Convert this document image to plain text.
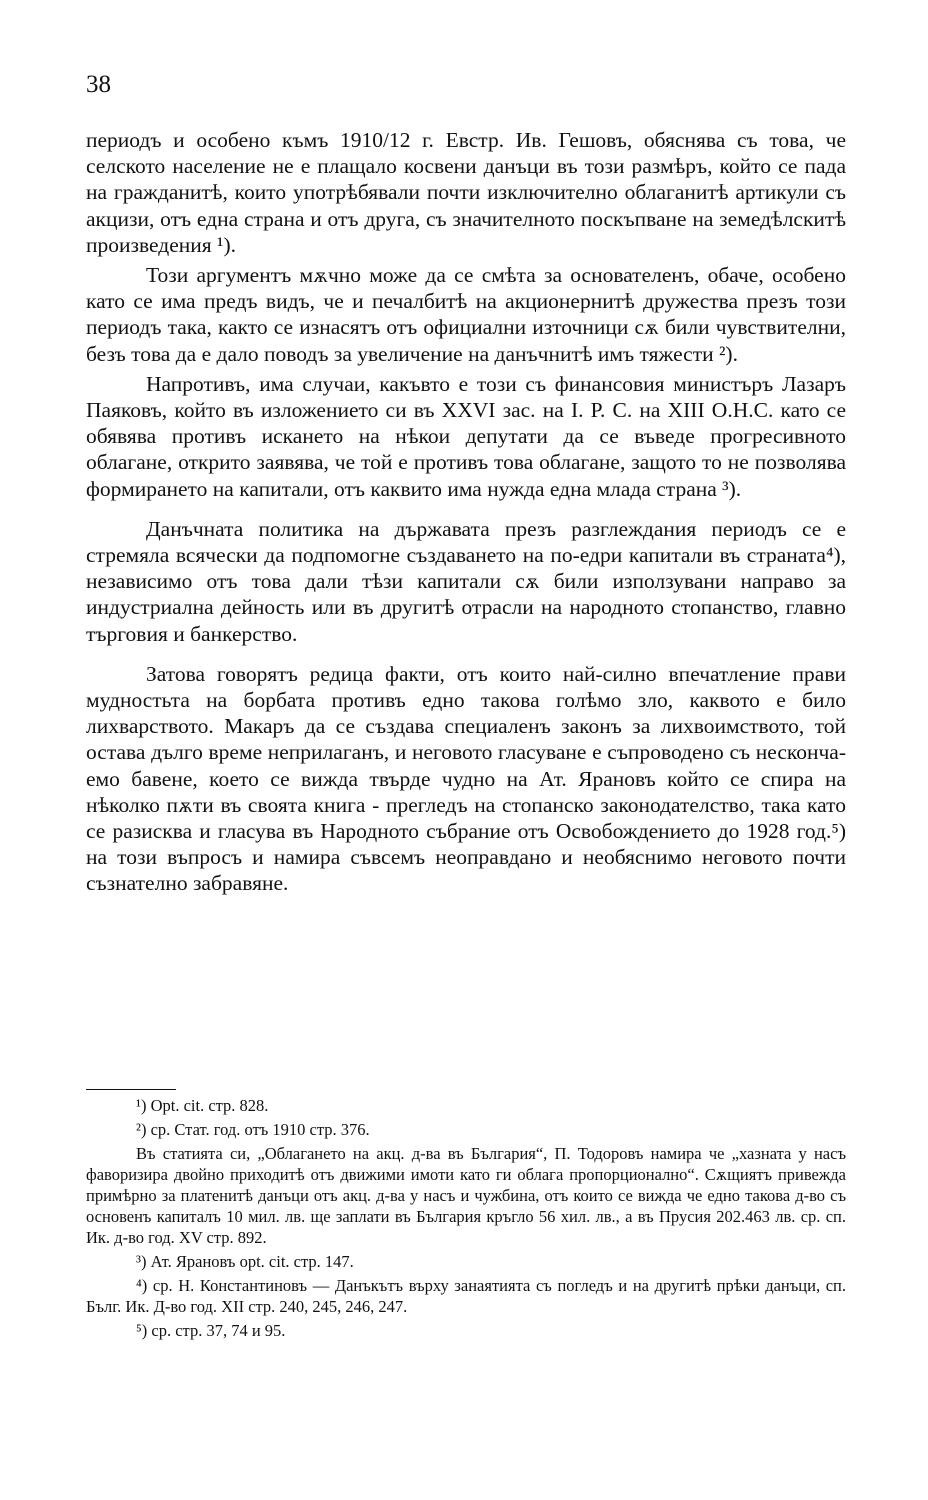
38

периодъ и особено къмъ 1910/12 г. Евстр. Ив. Гешовъ, обяснява съ това, че селското население не е плащало косвени данъци въ този размѣръ, който се пада на гражданитѣ, които употрѣбявали почти изключително облаганитѣ артикули съ акцизи, отъ една страна и отъ друга, съ значителното поскъпване на земедѣлскитѣ произведения ¹).

Този аргументъ мѫчно може да се смѣта за основателенъ, обаче, особено като се има предъ видъ, че и печалбитѣ на акционернитѣ дружества презъ този периодъ така, както се изнасятъ отъ официални източници сѫ били чувствителни, безъ това да е дало поводъ за увеличение на данъчнитѣ имъ тяжести ²).

Напротивъ, има случаи, какъвто е този съ финансовия министъръ Лазаръ Паяковъ, който въ изложението си въ XXVI зас. на I. Р. С. на XIII О.Н.С. като се обявява противъ искането на нѣкои депутати да се въведе прогресивното облагане, открито заявява, че той е противъ това облагане, защото то не позволява формирането на капитали, отъ каквито има нужда една млада страна ³).

Данъчната политика на държавата презъ разглеждания периодъ се е стремяла всячески да подпомогне създаването на по-едри капитали въ страната⁴), независимо отъ това дали тѣзи капитали сѫ били използувани направо за индустриална дейность или въ другитѣ отрасли на народното стопанство, главно търговия и банкерство.

Затова говорятъ редица факти, отъ които най-силно впечатление прави мудностьта на борбата противъ едно такова голѣмо зло, каквото е било лихварството. Макаръ да се създава специаленъ законъ за лихвоимството, той остава дълго време неприлаганъ, и неговото гласуване е съпроводено съ нескончаемо бавене, което се вижда твърде чудно на Ат. Ярановъ който се спира на нѣколко пѫти въ своята книга - прегледъ на стопанско законодателство, така като се разисква и гласува въ Народното събрание отъ Освобождението до 1928 год.⁵) на този въпросъ и намира съвсемъ неоправдано и необяснимо неговото почти съзнателно забравяне.

¹) Opt. cit. стр. 828.

²) ср. Стат. год. отъ 1910 стр. 376.

Въ статията си, „Облагането на акц. д-ва въ България“, П. Тодоровъ намира че „хазната у насъ фаворизира двойно приходитѣ отъ движими имоти като ги облага пропорционално“. Сѫщиятъ привежда примѣрно за платенитѣ данъци отъ акц. д-ва у насъ и чужбина, отъ които се вижда че едно такова д-во съ основенъ капиталъ 10 мил. лв. ще заплати въ България кръгло 56 хил. лв., а въ Прусия 202.463 лв. ср. сп. Ик. д-во год. XV стр. 892.

³) Ат. Ярановъ opt. cit. стр. 147.

⁴) ср. Н. Константиновъ — Данъкътъ върху занаятията съ погледъ и на другитѣ прѣки данъци, сп. Бълг. Ик. Д-во год. XII стр. 240, 245, 246, 247.

⁵) ср. стр. 37, 74 и 95.
